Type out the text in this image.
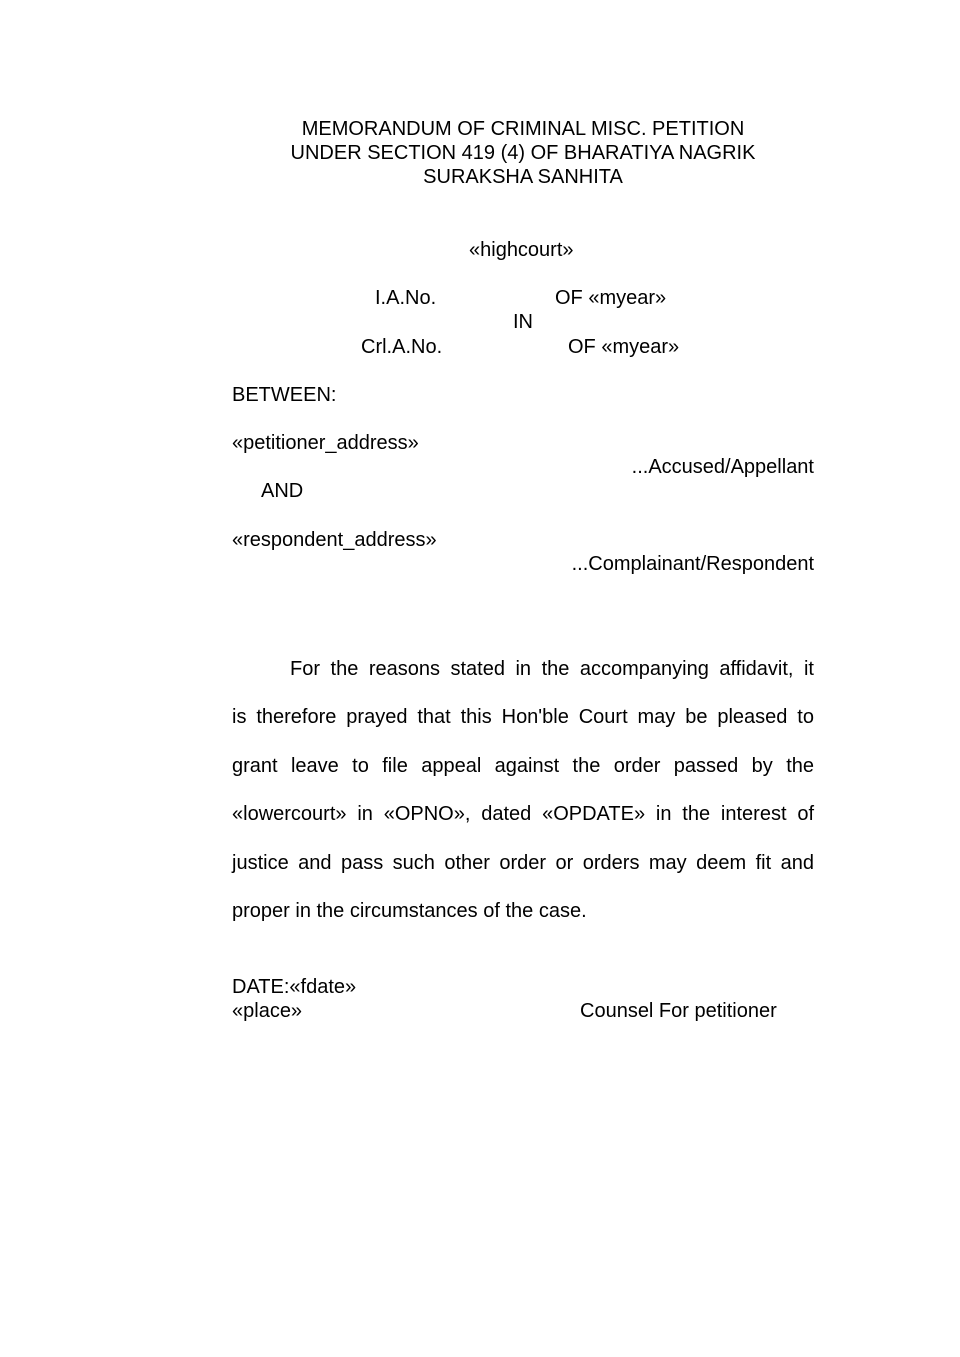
MEMORANDUM OF CRIMINAL MISC. PETITION
UNDER SECTION 419 (4) OF BHARATIYA NAGRIK
SURAKSHA SANHITA
«highcourt»
I.A.No.	OF «myear»
IN
Crl.A.No.	OF «myear»
BETWEEN:
«petitioner_address»
...Accused/Appellant
AND
«respondent_address»
...Complainant/Respondent
For the reasons stated in the accompanying affidavit, it
is therefore prayed that this Hon'ble Court may be pleased to
grant leave to file appeal against the order passed by the
«lowercourt» in «OPNO», dated «OPDATE» in the interest of
justice and pass such other order or orders may deem fit and
proper in the circumstances of the case.
DATE:«fdate»
«place»	Counsel For petitioner
